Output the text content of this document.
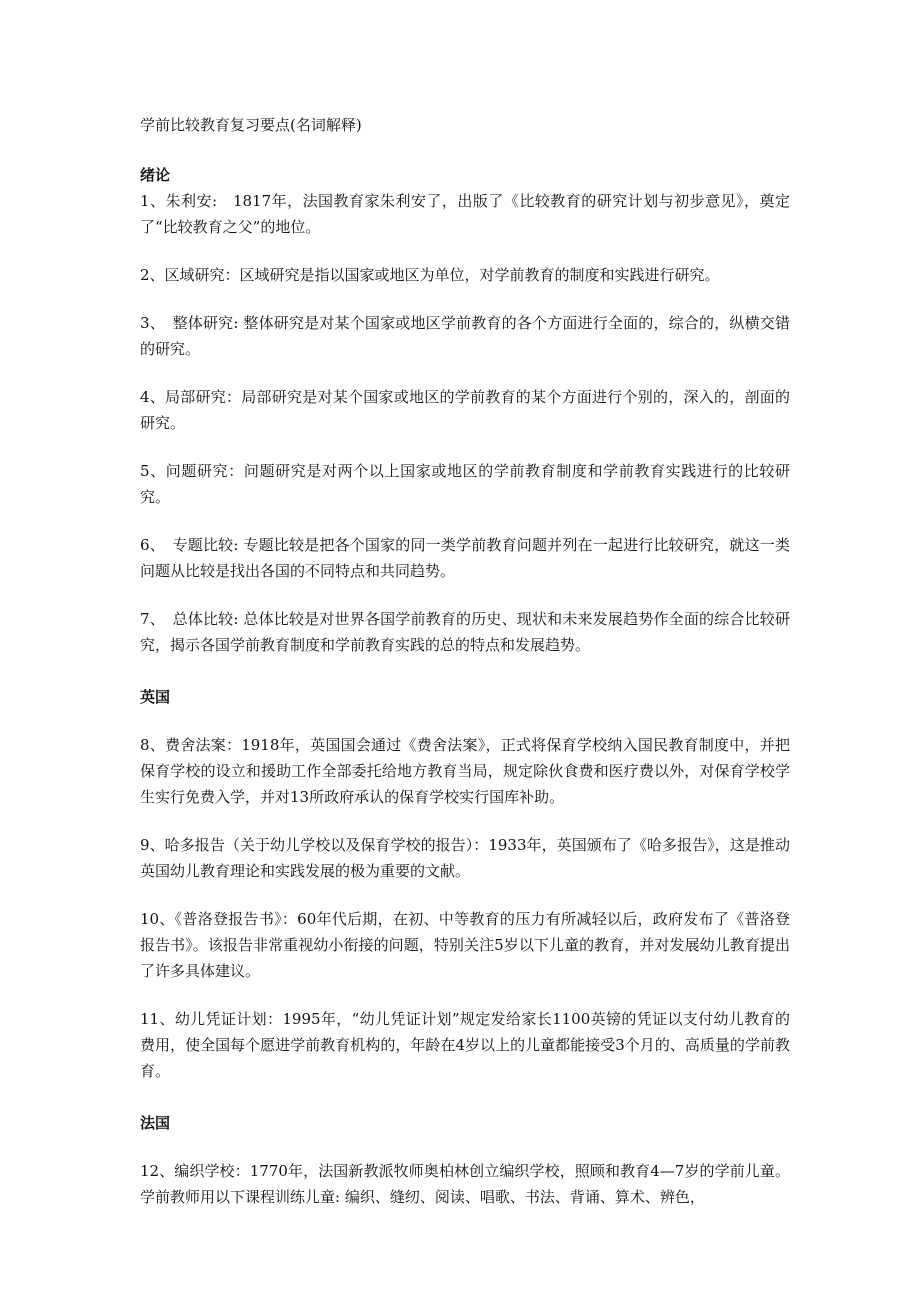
学前比较教育复习要点(名词解释)

绪论

1、朱利安:　1817年，法国教育家朱利安了，出版了《比较教育的研究计划与初步意见》，奠定了“比较教育之父”的地位。

2、区域研究：区域研究是指以国家或地区为单位，对学前教育的制度和实践进行研究。

3、　整体研究: 整体研究是对某个国家或地区学前教育的各个方面进行全面的，综合的，纵横交错的研究。

4、局部研究：局部研究是对某个国家或地区的学前教育的某个方面进行个别的，深入的，剖面的研究。

5、问题研究：问题研究是对两个以上国家或地区的学前教育制度和学前教育实践进行的比较研究。

6、　专题比较: 专题比较是把各个国家的同一类学前教育问题并列在一起进行比较研究，就这一类问题从比较是找出各国的不同特点和共同趋势。

7、　总体比较: 总体比较是对世界各国学前教育的历史、现状和未来发展趋势作全面的综合比较研究，揭示各国学前教育制度和学前教育实践的总的特点和发展趋势。

英国

8、费舍法案：1918年，英国国会通过《费舍法案》，正式将保育学校纳入国民教育制度中，并把保育学校的设立和援助工作全部委托给地方教育当局，规定除伙食费和医疗费以外，对保育学校学生实行免费入学，并对13所政府承认的保育学校实行国库补助。

9、哈多报告（关于幼儿学校以及保育学校的报告）：1933年，英国颁布了《哈多报告》，这是推动英国幼儿教育理论和实践发展的极为重要的文献。

10、《普洛登报告书》：60年代后期，在初、中等教育的压力有所减轻以后，政府发布了《普洛登报告书》。该报告非常重视幼小衔接的问题，特别关注5岁以下儿童的教育，并对发展幼儿教育提出了许多具体建议。

11、幼儿凭证计划：1995年，“幼儿凭证计划”规定发给家长1100英镑的凭证以支付幼儿教育的费用，使全国每个愿进学前教育机构的，年龄在4岁以上的儿童都能接受3个月的、高质量的学前教育。

法国

12、编织学校：1770年，法国新教派牧师奥柏林创立编织学校，照顾和教育4—7岁的学前儿童。学前教师用以下课程训练儿童: 编织、缝纫、阅读、唱歌、书法、背诵、算术、辨色，
